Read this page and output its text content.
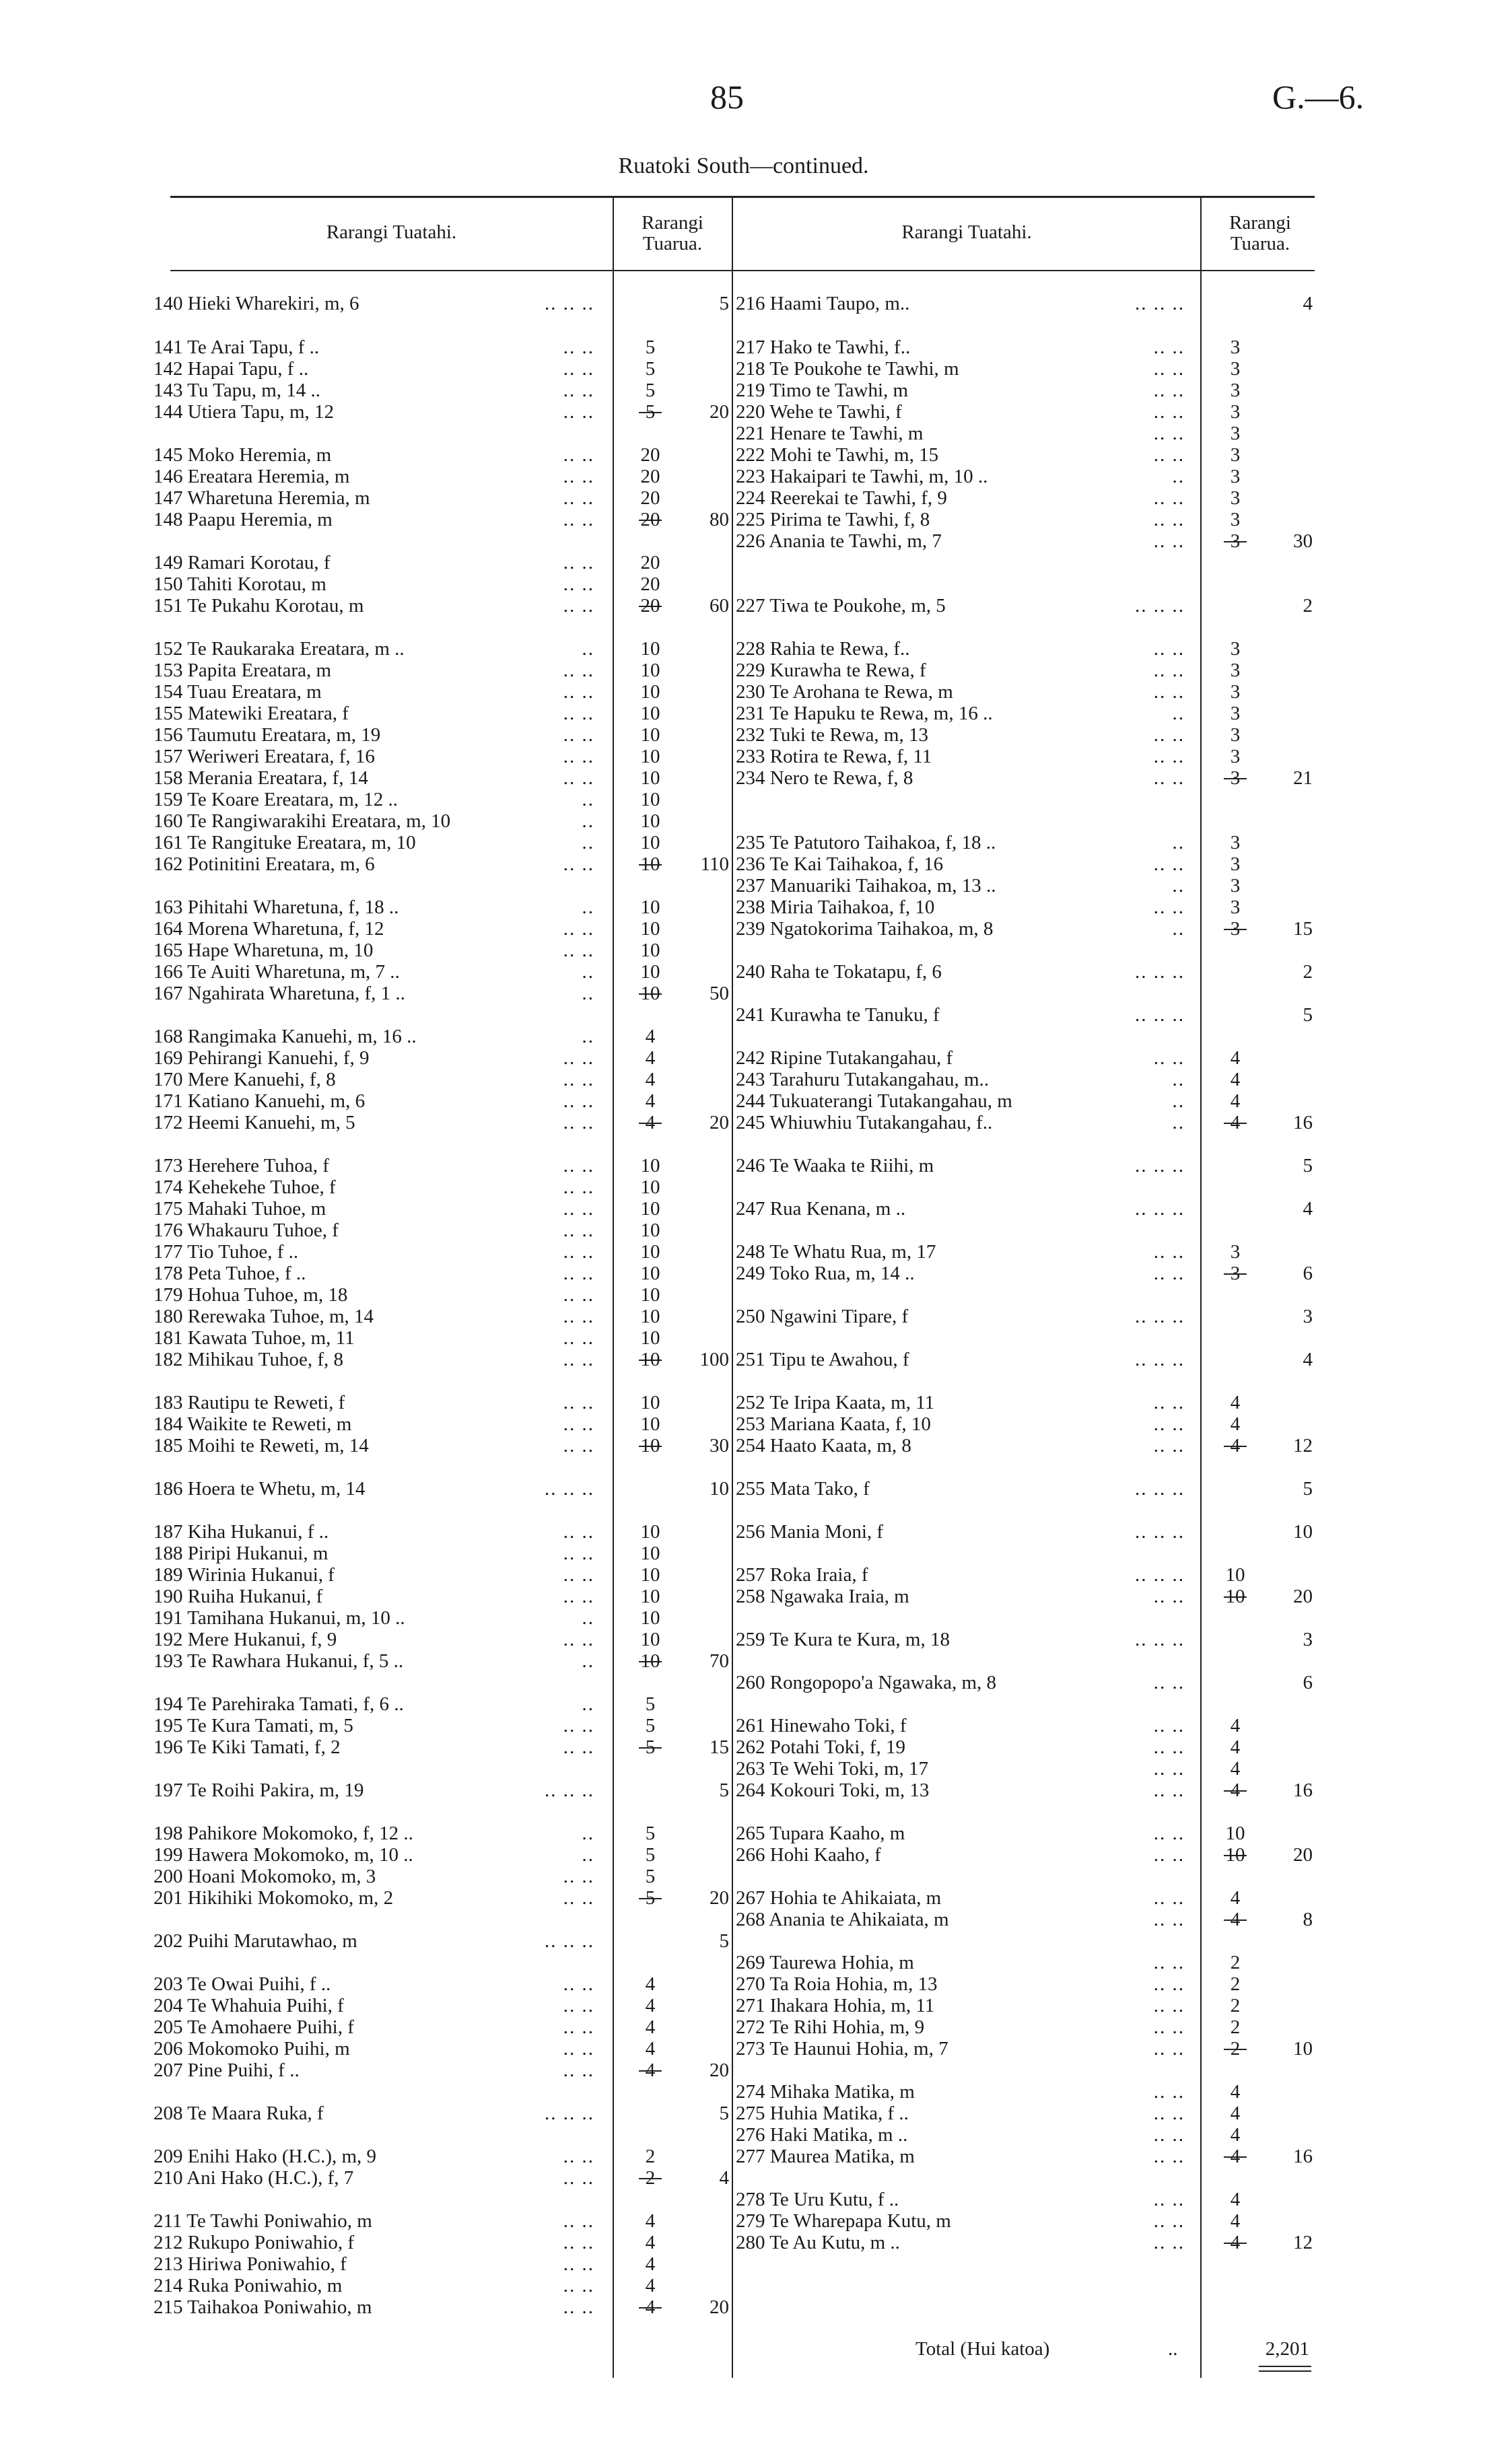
85	G.—6.
Ruatoki South—continued.
Rarangi Tuatahi.	Rarangi Tuarua.
Rarangi Tuatahi.	Rarangi Tuarua.
140 Hieki Wharekiri, m, 6	.. .. ..	5
141 Te Arai Tapu, f ..	.. ..	5
142 Hapai Tapu, f ..	.. ..	5
143 Tu Tapu, m, 14 ..	.. ..	5
144 Utiera Tapu, m, 12	.. ..	5	20
145 Moko Heremia, m	.. .. 20
146 Ereatara Heremia, m	.. .. 20
147 Wharetuna Heremia, m	.. .. 20
148 Paapu Heremia, m	.. .. 20	80
149 Ramari Korotau, f	.. .. 20
150 Tahiti Korotau, m	.. .. 20
151 Te Pukahu Korotau, m	.. .. 20	60
152 Te Raukaraka Ereatara, m ..	.. 10
153 Papita Ereatara, m	.. .. 10
154 Tuau Ereatara, m	.. .. 10
155 Matewiki Ereatara, f	.. .. 10
156 Taumutu Ereatara, m, 19	.. .. 10
157 Weriweri Ereatara, f, 16	.. .. 10
158 Merania Ereatara, f, 14	.. .. 10
159 Te Koare Ereatara, m, 12 ..	.. 10
160 Te Rangiwarakihi Ereatara, m, 10	.. 10
161 Te Rangituke Ereatara, m, 10	.. 10
162 Potinitini Ereatara, m, 6	.. .. 10	110
163 Pihitahi Wharetuna, f, 18 ..	.. 10
164 Morena Wharetuna, f, 12	.. .. 10
165 Hape Wharetuna, m, 10	.. .. 10
166 Te Auiti Wharetuna, m, 7 ..	.. 10
167 Ngahirata Wharetuna, f, 1 ..	.. 10	50
168 Rangimaka Kanuehi, m, 16 ..	..	4
169 Pehirangi Kanuehi, f, 9	.. ..	4
170 Mere Kanuehi, f, 8	.. ..	4
171 Katiano Kanuehi, m, 6	.. ..	4
172 Heemi Kanuehi, m, 5	.. ..	4	20
173 Herehere Tuhoa, f	.. .. 10
174 Kehekehe Tuhoe, f	.. .. 10
175 Mahaki Tuhoe, m	.. .. 10
176 Whakauru Tuhoe, f	.. .. 10
177 Tio Tuhoe, f ..	.. .. 10
178 Peta Tuhoe, f ..	.. .. 10
179 Hohua Tuhoe, m, 18	.. .. 10
180 Rerewaka Tuhoe, m, 14	.. .. 10
181 Kawata Tuhoe, m, 11	.. .. 10
182 Mihikau Tuhoe, f, 8	.. .. 10	100
183 Rautipu te Reweti, f	.. .. 10
184 Waikite te Reweti, m	.. .. 10
185 Moihi te Reweti, m, 14	.. .. 10	30
186 Hoera te Whetu, m, 14	.. .. ..	10
187 Kiha Hukanui, f ..	.. .. 10
188 Piripi Hukanui, m	.. .. 10
189 Wirinia Hukanui, f	.. .. 10
190 Ruiha Hukanui, f	.. .. 10
191 Tamihana Hukanui, m, 10 ..	.. 10
192 Mere Hukanui, f, 9	.. .. 10
193 Te Rawhara Hukanui, f, 5 ..	.. 10	70
194 Te Parehiraka Tamati, f, 6 ..	..	5
195 Te Kura Tamati, m, 5	.. ..	5
196 Te Kiki Tamati, f, 2	.. ..	5	15
197 Te Roihi Pakira, m, 19	.. .. ..	5
198 Pahikore Mokomoko, f, 12 ..	..	5
199 Hawera Mokomoko, m, 10 ..	..	5
200 Hoani Mokomoko, m, 3	.. ..	5
201 Hikihiki Mokomoko, m, 2	.. ..	5	20
202 Puihi Marutawhao, m	.. .. ..	5
203 Te Owai Puihi, f ..	.. ..	4
204 Te Whahuia Puihi, f	.. ..	4
205 Te Amohaere Puihi, f	.. ..	4
206 Mokomoko Puihi, m	.. ..	4
207 Pine Puihi, f ..	.. ..	4	20
208 Te Maara Ruka, f	.. .. ..	5
209 Enihi Hako (H.C.), m, 9	.. ..	2
210 Ani Hako (H.C.), f, 7	.. ..	2	4
211 Te Tawhi Poniwahio, m	.. ..	4
212 Rukupo Poniwahio, f	.. ..	4
213 Hiriwa Poniwahio, f	.. ..	4
214 Ruka Poniwahio, m	.. ..	4
215 Taihakoa Poniwahio, m	.. ..	4	20
216 Haami Taupo, m..	.. .. ..	4
217 Hako te Tawhi, f..	.. ..	3
218 Te Poukohe te Tawhi, m	.. ..	3
219 Timo te Tawhi, m	.. ..	3
220 Wehe te Tawhi, f	.. ..	3
221 Henare te Tawhi, m	.. ..	3
222 Mohi te Tawhi, m, 15	.. ..	3
223 Hakaipari te Tawhi, m, 10 ..	..	3
224 Reerekai te Tawhi, f, 9	.. ..	3
225 Pirima te Tawhi, f, 8	.. ..	3
226 Anania te Tawhi, m, 7	.. ..	3	30
227 Tiwa te Poukohe, m, 5	.. .. ..	2
228 Rahia te Rewa, f..	.. ..	3
229 Kurawha te Rewa, f	.. ..	3
230 Te Arohana te Rewa, m	.. ..	3
231 Te Hapuku te Rewa, m, 16 ..	..	3
232 Tuki te Rewa, m, 13	.. ..	3
233 Rotira te Rewa, f, 11	.. ..	3
234 Nero te Rewa, f, 8	.. ..	3	21
235 Te Patutoro Taihakoa, f, 18 ..	..	3
236 Te Kai Taihakoa, f, 16	.. ..	3
237 Manuariki Taihakoa, m, 13 ..	..	3
238 Miria Taihakoa, f, 10	.. ..	3
239 Ngatokorima Taihakoa, m, 8	..	3	15
240 Raha te Tokatapu, f, 6	.. .. ..	2
241 Kurawha te Tanuku, f	.. .. ..	5
242 Ripine Tutakangahau, f	.. ..	4
243 Tarahuru Tutakangahau, m..	..	4
244 Tukuaterangi Tutakangahau, m	..	4
245 Whiuwhiu Tutakangahau, f..	..	4	16
246 Te Waaka te Riihi, m	.. .. ..	5
247 Rua Kenana, m ..	.. .. ..	4
248 Te Whatu Rua, m, 17	.. ..	3
249 Toko Rua, m, 14 ..	.. ..	3	6
250 Ngawini Tipare, f	.. .. ..	3
251 Tipu te Awahou, f	.. .. ..	4
252 Te Iripa Kaata, m, 11	.. ..	4
253 Mariana Kaata, f, 10	.. ..	4
254 Haato Kaata, m, 8	.. ..	4	12
255 Mata Tako, f	.. .. ..	5
256 Mania Moni, f	.. .. ..	10
257 Roka Iraia, f	.. .. .. 10
258 Ngawaka Iraia, m	.. .. 10	20
259 Te Kura te Kura, m, 18	.. .. ..	3
260 Rongopopo'a Ngawaka, m, 8	.. ..	6
261 Hinewaho Toki, f	.. ..	4
262 Potahi Toki, f, 19	.. ..	4
263 Te Wehi Toki, m, 17	.. ..	4
264 Kokouri Toki, m, 13	.. ..	4	16
265 Tupara Kaaho, m	.. .. 10
266 Hohi Kaaho, f	.. .. 10	20
267 Hohia te Ahikaiata, m	.. ..	4
268 Anania te Ahikaiata, m	.. ..	4	8
269 Taurewa Hohia, m	.. ..	2
270 Ta Roia Hohia, m, 13	.. ..	2
271 Ihakara Hohia, m, 11	.. ..	2
272 Te Rihi Hohia, m, 9	.. ..	2
273 Te Haunui Hohia, m, 7	.. ..	2	10
274 Mihaka Matika, m	.. ..	4
275 Huhia Matika, f ..	.. ..	4
276 Haki Matika, m ..	.. ..	4
277 Maurea Matika, m	.. ..	4	16
278 Te Uru Kutu, f ..	.. ..	4
279 Te Wharepapa Kutu, m	.. ..	4
280 Te Au Kutu, m ..	.. ..	4	12
Total (Hui katoa)	..	2,201
